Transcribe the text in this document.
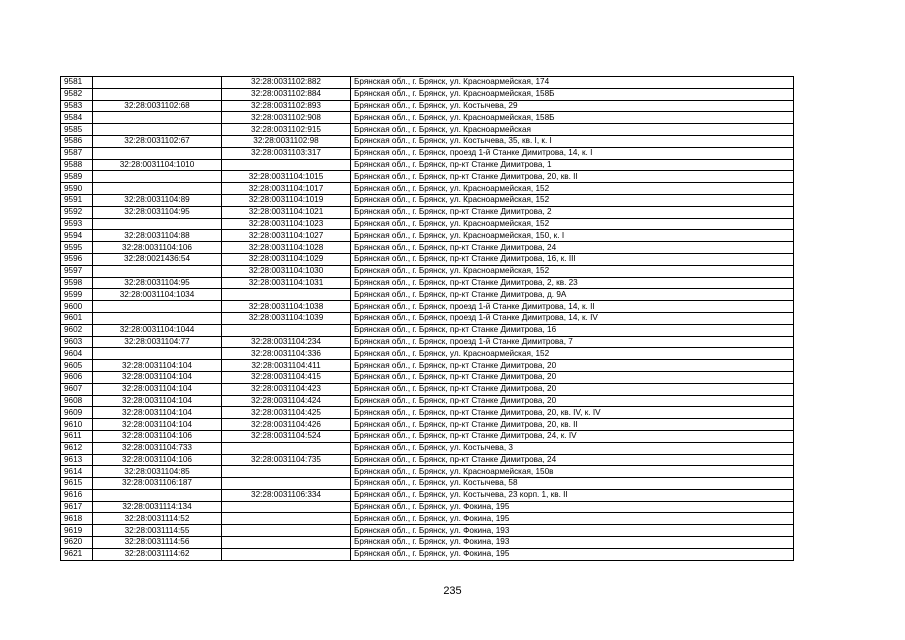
9581		32:28:0031102:882	Брянская обл., г. Брянск, ул. Красноармейская, 174
9582		32:28:0031102:884	Брянская обл., г. Брянск, ул. Красноармейская, 158Б
9583	32:28:0031102:68	32:28:0031102:893	Брянская обл., г. Брянск, ул. Костычева, 29
9584		32:28:0031102:908	Брянская обл., г. Брянск, ул. Красноармейская, 158Б
9585		32:28:0031102:915	Брянская обл., г. Брянск, ул. Красноармейская
9586	32:28:0031102:67	32:28:0031102:98	Брянская обл., г. Брянск, ул. Костычева, 35, кв. I, к. I
9587		32:28:0031103:317	Брянская обл., г. Брянск, проезд 1-й Станке Димитрова, 14, к. I
9588	32:28:0031104:1010		Брянская обл., г. Брянск, пр-кт Станке Димитрова, 1
9589		32:28:0031104:1015	Брянская обл., г. Брянск, пр-кт Станке Димитрова, 20, кв. II
9590		32:28:0031104:1017	Брянская обл., г. Брянск, ул. Красноармейская, 152
9591	32:28:0031104:89	32:28:0031104:1019	Брянская обл., г. Брянск, ул. Красноармейская, 152
9592	32:28:0031104:95	32:28:0031104:1021	Брянская обл., г. Брянск, пр-кт Станке Димитрова, 2
9593		32:28:0031104:1023	Брянская обл., г. Брянск, ул. Красноармейская, 152
9594	32:28:0031104:88	32:28:0031104:1027	Брянская обл., г. Брянск, ул. Красноармейская, 150, к. I
9595	32:28:0031104:106	32:28:0031104:1028	Брянская обл., г. Брянск, пр-кт Станке Димитрова, 24
9596	32:28:0021436:54	32:28:0031104:1029	Брянская обл., г. Брянск, пр-кт Станке Димитрова, 16, к. III
9597		32:28:0031104:1030	Брянская обл., г. Брянск, ул. Красноармейская, 152
9598	32:28:0031104:95	32:28:0031104:1031	Брянская обл., г. Брянск, пр-кт Станке Димитрова, 2, кв. 23
9599	32:28:0031104:1034		Брянская обл., г. Брянск, пр-кт Станке Димитрова, д. 9А
9600		32:28:0031104:1038	Брянская обл., г. Брянск, проезд 1-й Станке Димитрова, 14, к. II
9601		32:28:0031104:1039	Брянская обл., г. Брянск, проезд 1-й Станке Димитрова, 14, к. IV
9602	32:28:0031104:1044		Брянская обл., г. Брянск, пр-кт Станке Димитрова, 16
9603	32:28:0031104:77	32:28:0031104:234	Брянская обл., г. Брянск, проезд 1-й Станке Димитрова, 7
9604		32:28:0031104:336	Брянская обл., г. Брянск, ул. Красноармейская, 152
9605	32:28:0031104:104	32:28:0031104:411	Брянская обл., г. Брянск, пр-кт Станке Димитрова, 20
9606	32:28:0031104:104	32:28:0031104:415	Брянская обл., г. Брянск, пр-кт Станке Димитрова, 20
9607	32:28:0031104:104	32:28:0031104:423	Брянская обл., г. Брянск, пр-кт Станке Димитрова, 20
9608	32:28:0031104:104	32:28:0031104:424	Брянская обл., г. Брянск, пр-кт Станке Димитрова, 20
9609	32:28:0031104:104	32:28:0031104:425	Брянская обл., г. Брянск, пр-кт Станке Димитрова, 20, кв. IV, к. IV
9610	32:28:0031104:104	32:28:0031104:426	Брянская обл., г. Брянск, пр-кт Станке Димитрова, 20, кв. II
9611	32:28:0031104:106	32:28:0031104:524	Брянская обл., г. Брянск, пр-кт Станке Димитрова, 24, к. IV
9612	32:28:0031104:733		Брянская обл., г. Брянск, ул. Костычева, 3
9613	32:28:0031104:106	32:28:0031104:735	Брянская обл., г. Брянск, пр-кт Станке Димитрова, 24
9614	32:28:0031104:85		Брянская обл., г. Брянск, ул. Красноармейская, 150в
9615	32:28:0031106:187		Брянская обл., г. Брянск, ул. Костычева, 58
9616		32:28:0031106:334	Брянская обл., г. Брянск, ул. Костычева, 23 корп. 1, кв. II
9617	32:28:0031114:134		Брянская обл., г. Брянск, ул. Фокина, 195
9618	32:28:0031114:52		Брянская обл., г. Брянск, ул. Фокина, 195
9619	32:28:0031114:55		Брянская обл., г. Брянск, ул. Фокина, 193
9620	32:28:0031114:56		Брянская обл., г. Брянск, ул. Фокина, 193
9621	32:28:0031114:62		Брянская обл., г. Брянск, ул. Фокина, 195
235
